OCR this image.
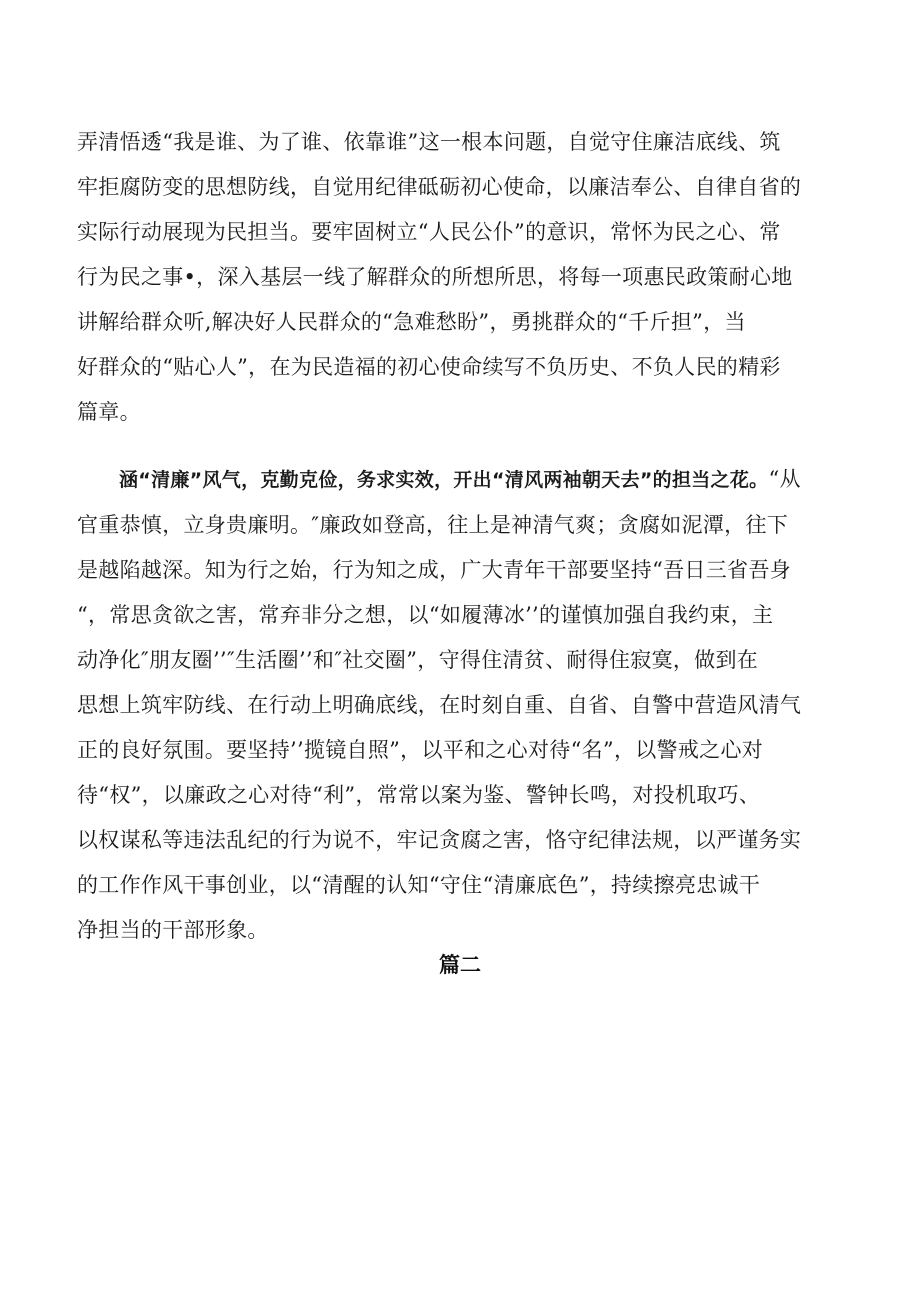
弄清悟透“我是谁、为了谁、依靠谁”这一根本问题，自觉守住廉洁底线、筑
牢拒腐防变的思想防线，自觉用纪律砥砺初心使命，以廉洁奉公、自律自省的
实际行动展现为民担当。要牢固树立“人民公仆”的意识，常怀为民之心、常
行为民之事•，深入基层一线了解群众的所想所思，将每一项惠民政策耐心地
讲解给群众听,解决好人民群众的“急难愁盼”，勇挑群众的“千斤担”，当
好群众的“贴心人”，在为民造福的初心使命续写不负历史、不负人民的精彩
篇章。

涵“清廉”风气，克勤克俭，务求实效，开出“清风两袖朝天去”的担当之花。“从
官重恭慎，立身贵廉明。″廉政如登高，往上是神清气爽；贪腐如泥潭，往下
是越陷越深。知为行之始，行为知之成，广大青年干部要坚持“吾日三省吾身
“，常思贪欲之害，常弃非分之想，以“如履薄冰’’的谨慎加强自我约束，主
动净化″朋友圈’’″生活圈’’和″社交圈”，守得住清贫、耐得住寂寞，做到在
思想上筑牢防线、在行动上明确底线，在时刻自重、自省、自警中营造风清气
正的良好氛围。要坚持’’揽镜自照”，以平和之心对待“名”，以警戒之心对
待“权”，以廉政之心对待“利”，常常以案为鉴、警钟长鸣，对投机取巧、
以权谋私等违法乱纪的行为说不，牢记贪腐之害，恪守纪律法规，以严谨务实
的工作作风干事创业，以“清醒的认知“守住“清廉底色”，持续擦亮忠诚干
净担当的干部形象。

篇二
